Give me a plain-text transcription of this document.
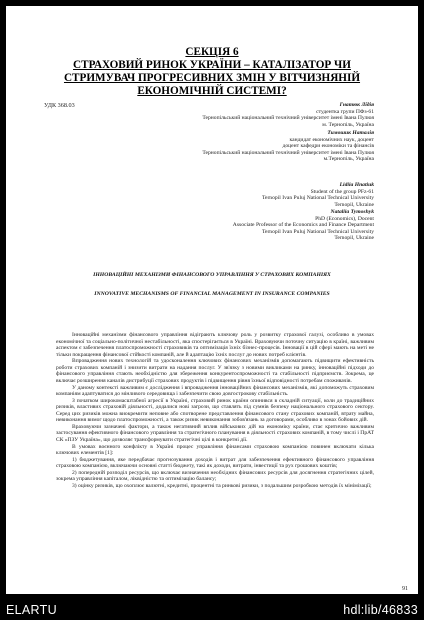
СЕКЦІЯ 6
СТРАХОВИЙ РИНОК УКРАЇНИ – КАТАЛІЗАТОР ЧИ
СТРИМУВАЧ ПРОГРЕСИВНИХ ЗМІН У ВІТЧИЗНЯНІЙ
ЕКОНОМІЧНІЙ СИСТЕМІ?
УДК 368.03	Гнатюк Лідія
студентка групи ПФз-61
Тернопільський національний технічний університет імені Івана Пулюя
м. Тернопіль, Україна
Тимошик Наталія
кандидат економічних наук, доцент
доцент кафедри економіки та фінансів
Тернопільський національний технічний університет імені Івана Пулюя
м.Тернопіль, Україна
Lidiia Hnatiuk
Student of the group PFz-61
Ternopil Ivan Puluj National Technical University
Ternopil, Ukraine
Nataliia Tymoshyk
PhD (Economics), Docent
Associate Professor of the Economics and Finance Department
Ternopil Ivan Puluj National Technical University
Ternopil, Ukraine
ІННОВАЦІЙНІ МЕХАНІЗМИ ФІНАНСОВОГО УПРАВЛІННЯ У СТРАХОВИХ КОМПАНІЯХ
INNOVATIVE MECHANISMS OF FINANCIAL MANAGEMENT IN INSURANCE COMPANIES

Інноваційні механізми фінансового управління відіграють ключову роль у розвитку страхової галузі, особливо в умовах економічної та соціально-політичної нестабільності, яка спостерігається в Україні. Враховуючи поточну ситуацію в країні, важливим аспектом є забезпечення платоспроможності страховиків та оптимізація їхніх бізнес-процесів. Інновації в цій сфері мають на меті не тільки покращення фінансової стійкості компаній, але й адаптацію їхніх послуг до нових потреб клієнтів.

Впровадження нових технологій та удосконалення ключових фінансових механізмів допомагають підвищити ефективність роботи страхових компаній і знизити витрати на надання послуг. У зв'язку з новими викликами на ринку, інноваційні підходи до фінансового управління стають необхідністю для збереження конкурентоспроможності та стабільності підприємств. Зокрема, це включає розширення каналів дистрибуції страхових продуктів і підвищення рівня їхньої відповідності потребам споживачів.

У даному контексті важливим є дослідження і впровадження інноваційних фінансових механізмів, які допоможуть страховим компаніям адаптуватися до мінливого середовища і забезпечити свою довгострокову стабільність.

З початком широкомасштабної агресії в Україні, страховий ринок країни опинився в складній ситуації, коли до традиційних ризиків, властивих страховій діяльності, додалися нові загрози, що ставлять під сумнів безпеку національного страхового сектору. Серед цих ризиків можна виокремити неповне або спотворене представлення фінансового стану страхових компаній, втрату майна, невиконання вимог щодо платоспроможності, а також ризик невиконання зобов'язань за договорами, особливо в зонах бойових дій.

Враховуючи зазначені фактори, а також негативний вплив військових дій на економіку країни, стає критично важливим застосування ефективного фінансового управління та стратегічного планування в діяльності страхових компаній, в тому числі і ПрАТ СК «ПЗУ Україна», що дозволяє трансформувати стратегічні цілі в конкретні дії.

В умовах воєнного конфлікту в Україні процес управління фінансами страховою компанією повинен включати кілька ключових елементів [1]:

1) бюджетування, яке передбачає прогнозування доходів і витрат для забезпечення ефективного фінансового управління страховою компанією, включаючи основні статті бюджету, такі як доходи, витрати, інвестиції та рух грошових коштів;

2) попередній розподіл ресурсів, що включає визначення необхідних фінансових ресурсів для досягнення стратегічних цілей, зокрема управління капіталом, ліквідністю та оптимізацію балансу;

3) оцінку ризиків, що охоплює валютні, кредитні, процентні та ринкові ризики, з подальшим розробкою методів їх мінімізації;

91
ELARTU	hdl:lib/46833
